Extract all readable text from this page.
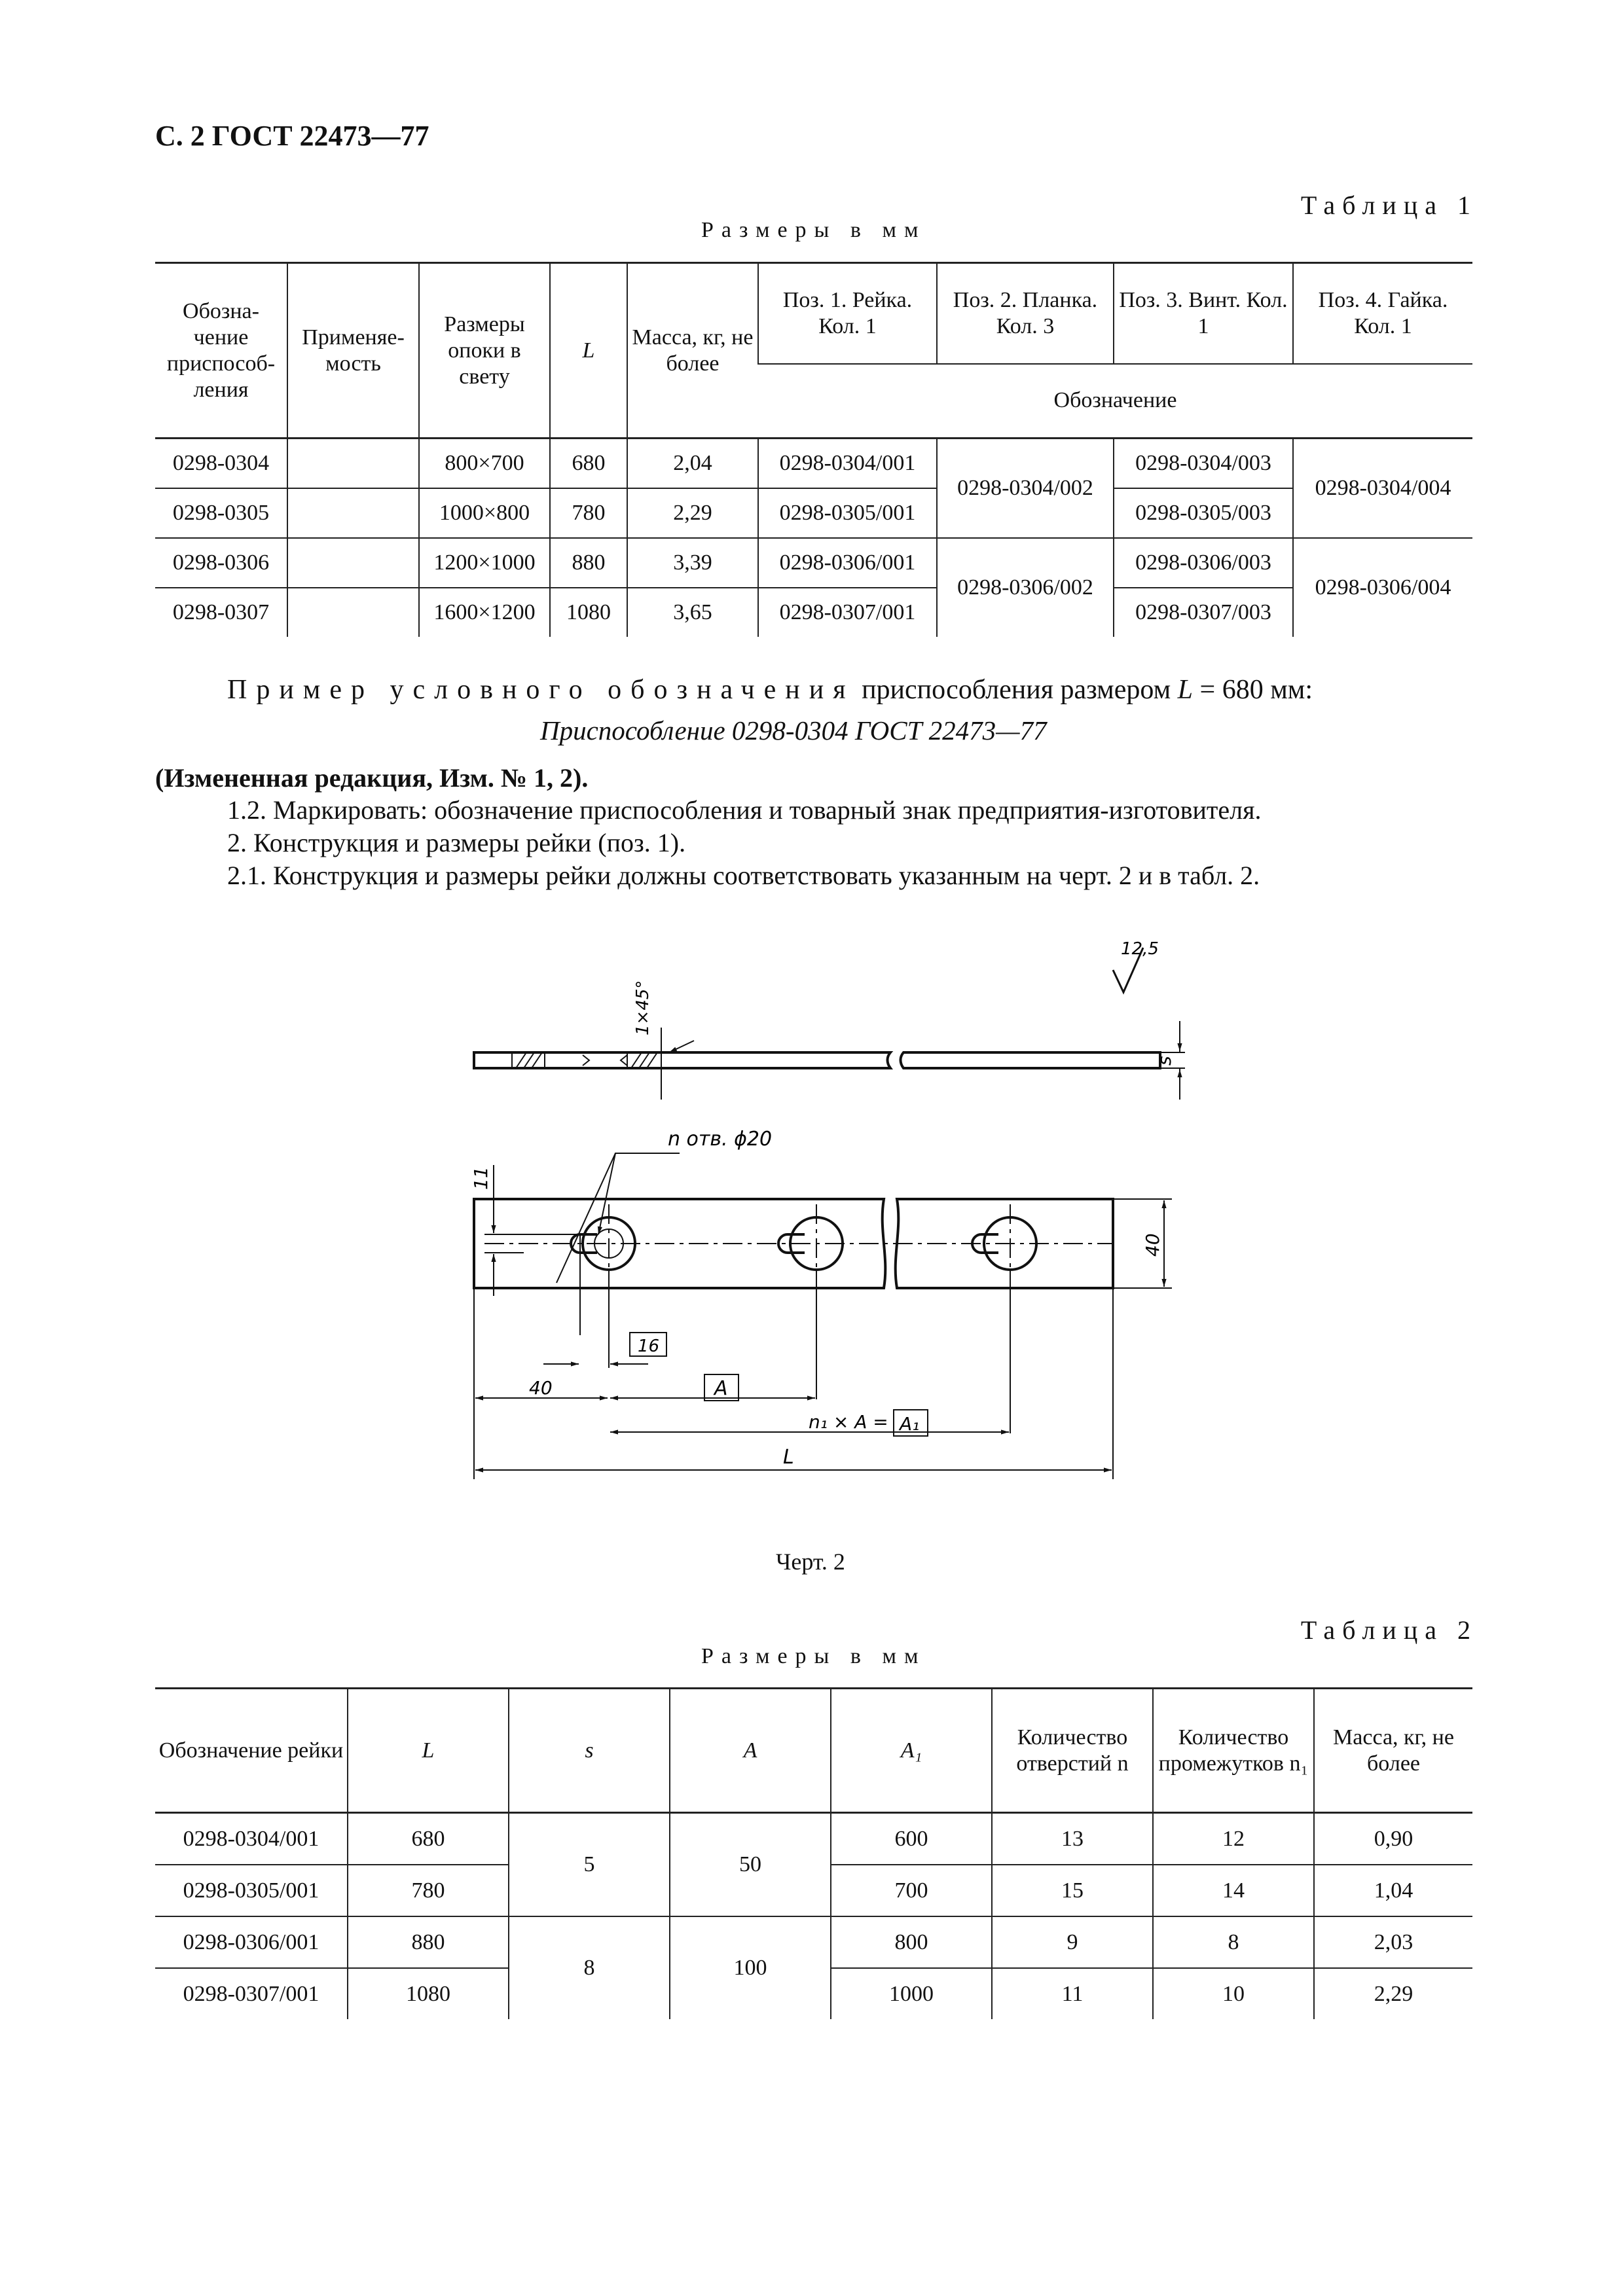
С. 2 ГОСТ 22473—77
Таблица 1
Размеры в мм
Обозна-чение приспособ-ления	Применяе-мость	Размеры опоки в свету	L	Масса, кг, не более	Поз. 1. Рейка. Кол. 1	Поз. 2. Планка. Кол. 3	Поз. 3. Винт. Кол. 1	Поз. 4. Гайка. Кол. 1
					Обозначение			
0298-0304		800×700	680	2,04	0298-0304/001	0298-0304/002	0298-0304/003	0298-0304/004
0298-0305		1000×800	780	2,29	0298-0305/001		0298-0305/003	
0298-0306		1200×1000	880	3,39	0298-0306/001	0298-0306/002	0298-0306/003	0298-0306/004
0298-0307		1600×1200	1080	3,65	0298-0307/001		0298-0307/003	
Пример условного обозначения приспособления размером L = 680 мм:
Приспособление 0298-0304 ГОСТ 22473—77
(Измененная редакция, Изм. № 1, 2).
1.2. Маркировать: обозначение приспособления и товарный знак предприятия-изготовителя.
2. Конструкция и размеры рейки (поз. 1).
2.1. Конструкция и размеры рейки должны соответствовать указанным на черт. 2 и в табл. 2.
12,5
1×45°
s
n отв. ϕ20
11
40
16
40	A
n₁ × A = A₁
L
Черт. 2
Таблица 2
Размеры в мм
Обозначение рейки	L	s	A	A₁	Количество отверстий n	Количество промежутков n₁	Масса, кг, не более
0298-0304/001	680	5	50	600	13	12	0,90
0298-0305/001	780			700	15	14	1,04
0298-0306/001	880	8	100	800	9	8	2,03
0298-0307/001	1080			1000	11	10	2,29
